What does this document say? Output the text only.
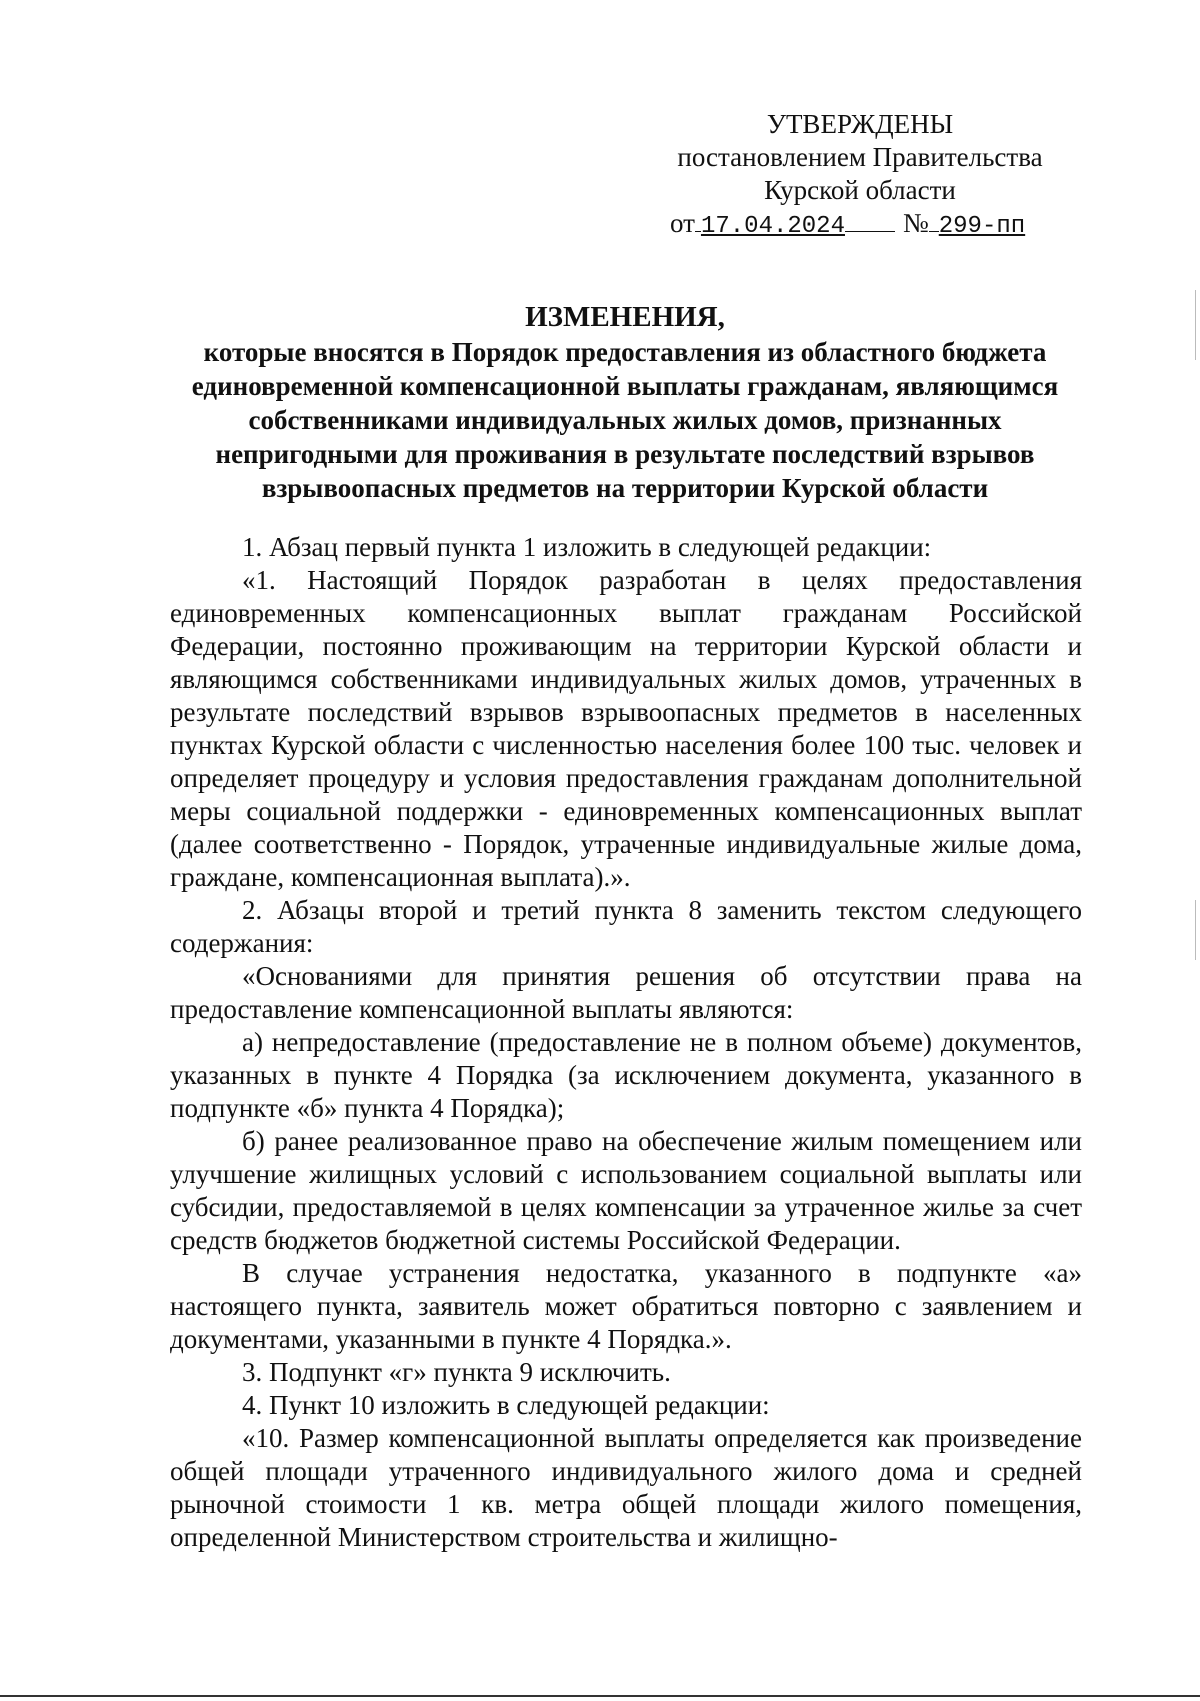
УТВЕРЖДЕНЫ
постановлением Правительства
Курской области
от 17.04.2024 № 299-пп
ИЗМЕНЕНИЯ,
которые вносятся в Порядок предоставления из областного бюджета единовременной компенсационной выплаты гражданам, являющимся собственниками индивидуальных жилых домов, признанных непригодными для проживания в результате последствий взрывов взрывоопасных предметов на территории Курской области

1. Абзац первый пункта 1 изложить в следующей редакции:

«1. Настоящий Порядок разработан в целях предоставления единовременных компенсационных выплат гражданам Российской Федерации, постоянно проживающим на территории Курской области и являющимся собственниками индивидуальных жилых домов, утраченных в результате последствий взрывов взрывоопасных предметов в населенных пунктах Курской области с численностью населения более 100 тыс. человек и определяет процедуру и условия предоставления гражданам дополнительной меры социальной поддержки - единовременных компенсационных выплат (далее соответственно - Порядок, утраченные индивидуальные жилые дома, граждане, компенсационная выплата).».

2. Абзацы второй и третий пункта 8 заменить текстом следующего содержания:

«Основаниями для принятия решения об отсутствии права на предоставление компенсационной выплаты являются:

а) непредоставление (предоставление не в полном объеме) документов, указанных в пункте 4 Порядка (за исключением документа, указанного в подпункте «б» пункта 4 Порядка);

б) ранее реализованное право на обеспечение жилым помещением или улучшение жилищных условий с использованием социальной выплаты или субсидии, предоставляемой в целях компенсации за утраченное жилье за счет средств бюджетов бюджетной системы Российской Федерации.

В случае устранения недостатка, указанного в подпункте «а» настоящего пункта, заявитель может обратиться повторно с заявлением и документами, указанными в пункте 4 Порядка.».

3. Подпункт «г» пункта 9 исключить.

4. Пункт 10 изложить в следующей редакции:

«10. Размер компенсационной выплаты определяется как произведение общей площади утраченного индивидуального жилого дома и средней рыночной стоимости 1 кв. метра общей площади жилого помещения, определенной Министерством строительства и жилищно-
